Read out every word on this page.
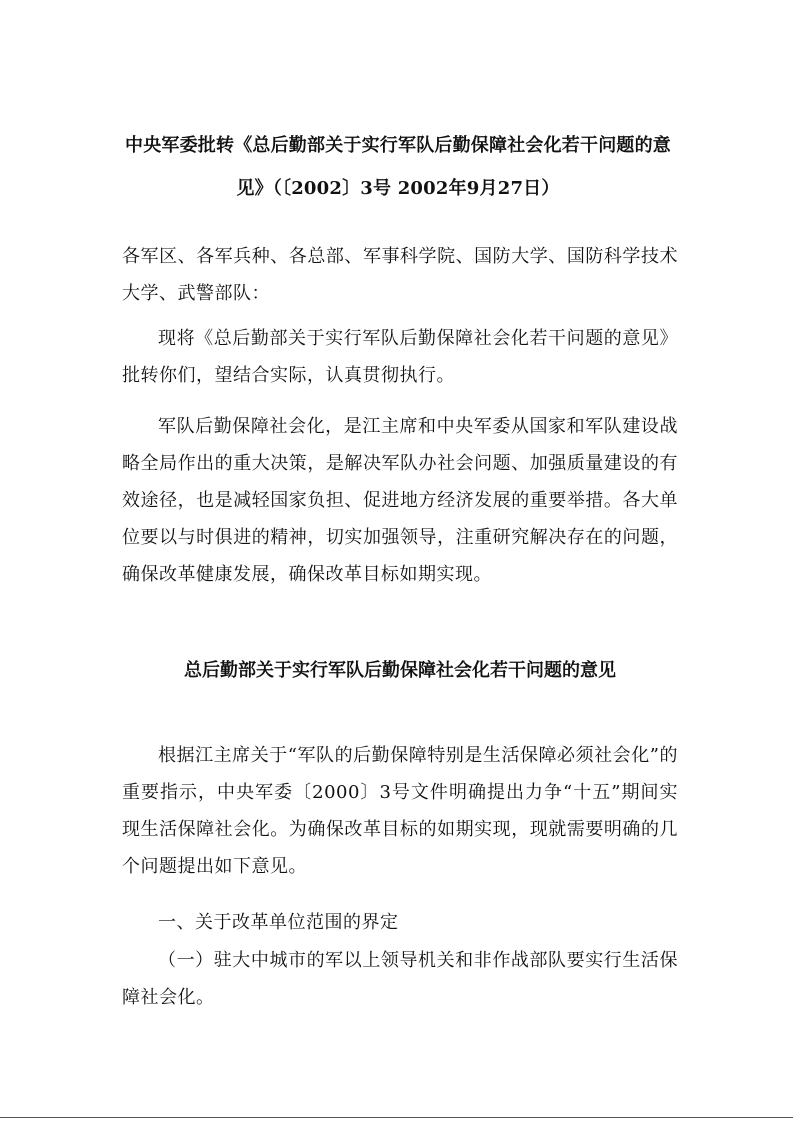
中央军委批转《总后勤部关于实行军队后勤保障社会化若干问题的意见》（〔2002〕3号 2002年9月27日）

各军区、各军兵种、各总部、军事科学院、国防大学、国防科学技术大学、武警部队：

现将《总后勤部关于实行军队后勤保障社会化若干问题的意见》批转你们，望结合实际，认真贯彻执行。

军队后勤保障社会化，是江主席和中央军委从国家和军队建设战略全局作出的重大决策，是解决军队办社会问题、加强质量建设的有效途径，也是减轻国家负担、促进地方经济发展的重要举措。各大单位要以与时俱进的精神，切实加强领导，注重研究解决存在的问题，确保改革健康发展，确保改革目标如期实现。

总后勤部关于实行军队后勤保障社会化若干问题的意见

根据江主席关于“军队的后勤保障特别是生活保障必须社会化”的重要指示，中央军委〔2000〕3号文件明确提出力争“十五”期间实现生活保障社会化。为确保改革目标的如期实现，现就需要明确的几个问题提出如下意见。

一、关于改革单位范围的界定

（一）驻大中城市的军以上领导机关和非作战部队要实行生活保障社会化。
